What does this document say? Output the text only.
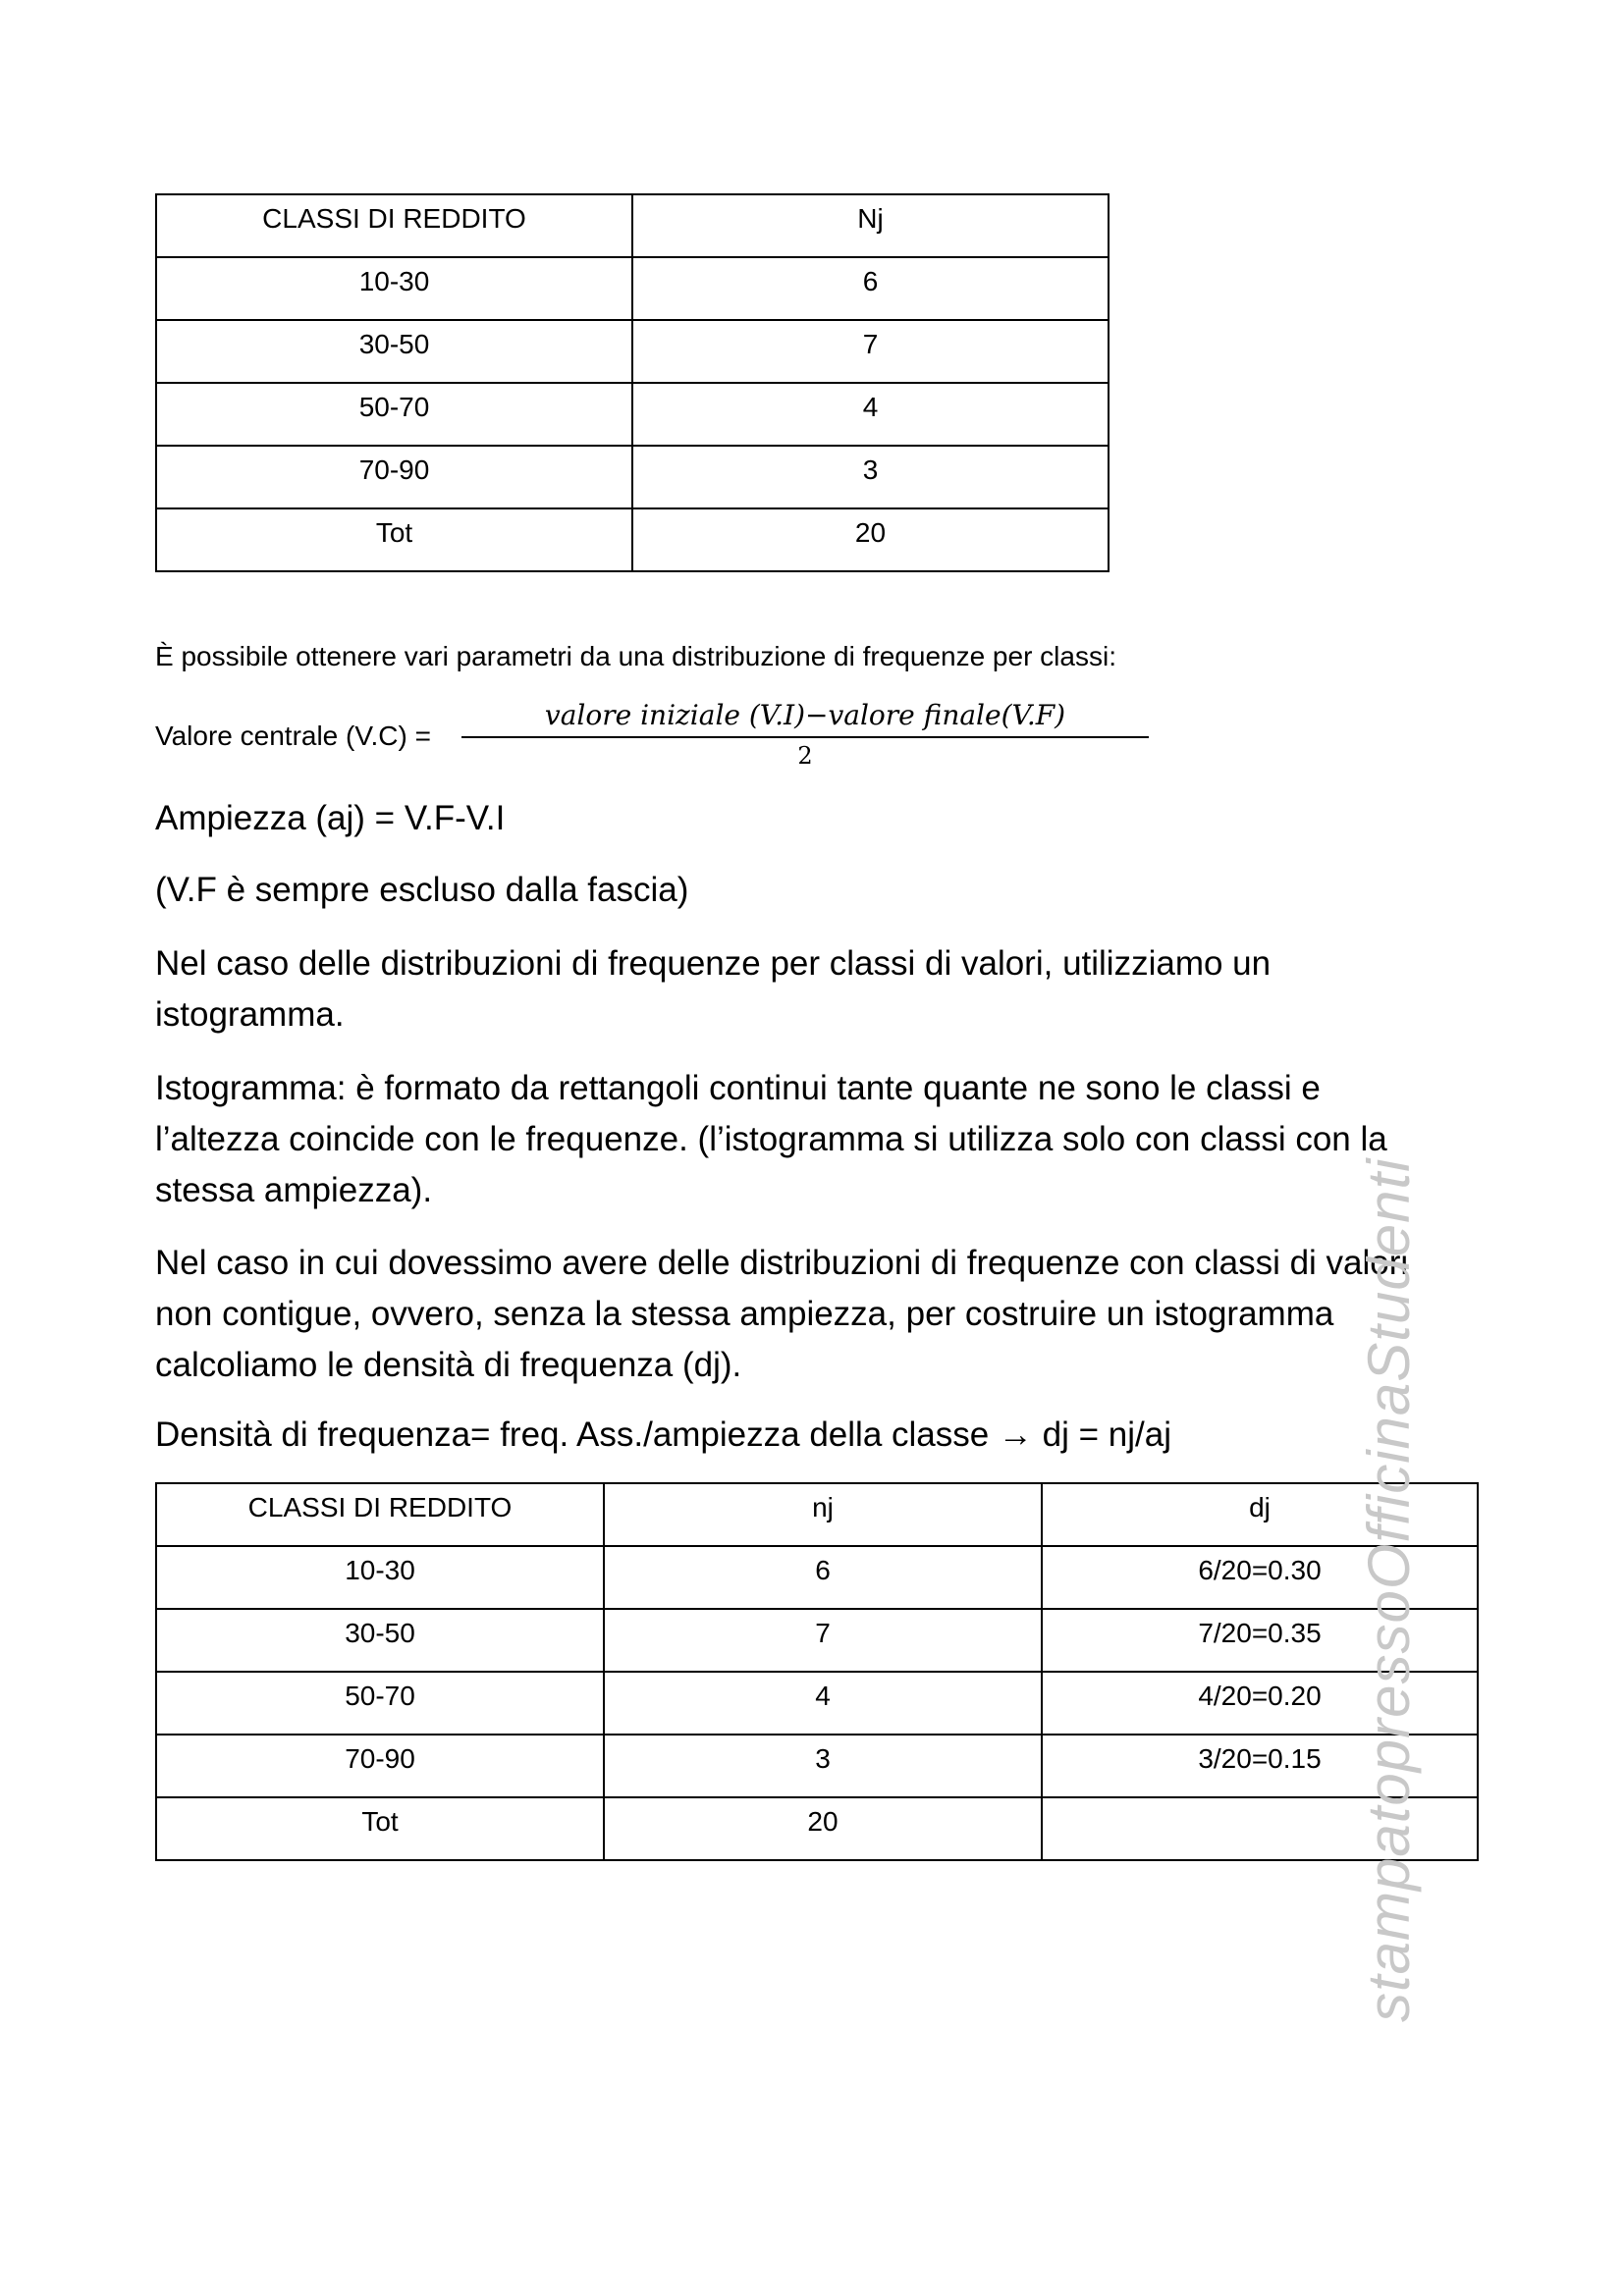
CLASSI DI REDDITO	Nj
10-30	6
30-50	7
50-70	4
70-90	3
Tot	20

È possibile ottenere vari parametri da una distribuzione di frequenze per classi:

Valore centrale (V.C) =
valore iniziale (V.I)−valore finale(V.F)
2

Ampiezza (aj) = V.F-V.I

(V.F è sempre escluso dalla fascia)

Nel caso delle distribuzioni di frequenze per classi di valori, utilizziamo un istogramma.

Istogramma: è formato da rettangoli continui tante quante ne sono le classi e l’altezza coincide con le frequenze. (l’istogramma si utilizza solo con classi con la stessa ampiezza).

Nel caso in cui dovessimo avere delle distribuzioni di frequenze con classi di valori non contigue, ovvero, senza la stessa ampiezza, per costruire un istogramma calcoliamo le densità di frequenza (dj).

Densità di frequenza= freq. Ass./ampiezza della classe → dj = nj/aj

CLASSI DI REDDITO	nj	dj
10-30	6	6/20=0.30
30-50	7	7/20=0.35
50-70	4	4/20=0.20
70-90	3	3/20=0.15
Tot	20		stampatopressoOfficinaStudenti
